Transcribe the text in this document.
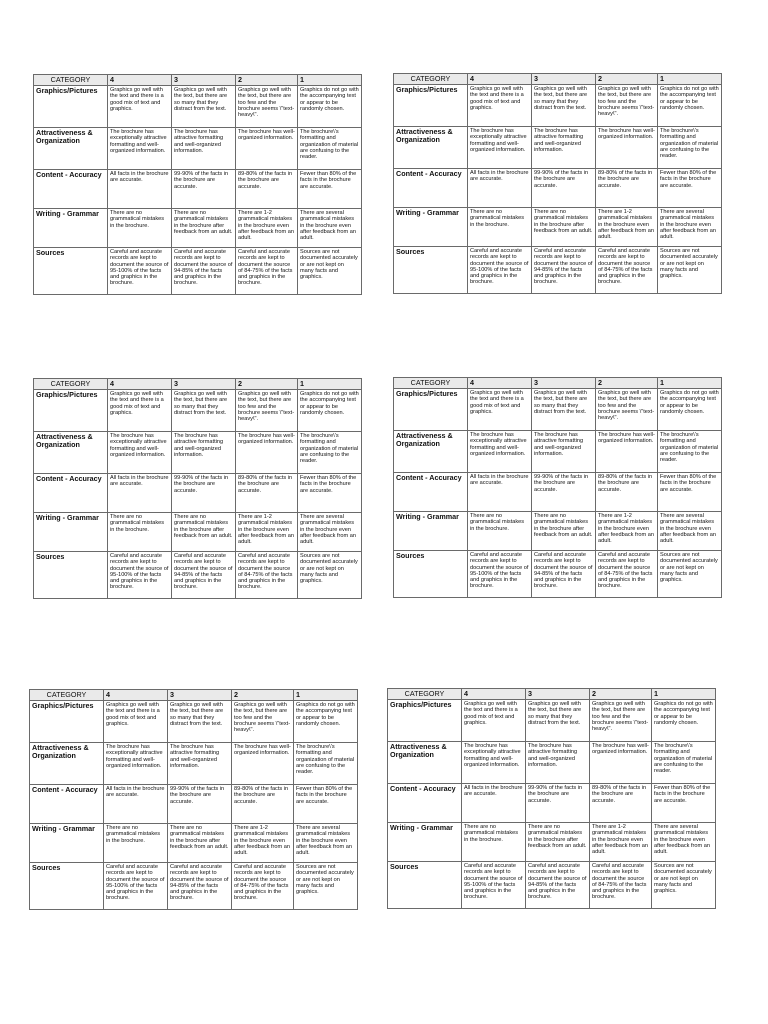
CATEGORY	4	3	2	1
Graphics/Pictures	Graphics go well with the text and there is a good mix of text and graphics.	Graphics go well with the text, but there are so many that they distract from the text.	Graphics go well with the text, but there are too few and the brochure seems \"text-heavy\".	Graphics do not go with the accompanying text or appear to be randomly chosen.
Attractiveness & Organization	The brochure has exceptionally attractive formatting and well-organized information.	The brochure has attractive formatting and well-organized information.	The brochure has well-organized information.	The brochure\'s formatting and organization of material are confusing to the reader.
Content - Accuracy	All facts in the brochure are accurate.	99-90% of the facts in the brochure are accurate.	89-80% of the facts in the brochure are accurate.	Fewer than 80% of the facts in the brochure are accurate.
Writing - Grammar	There are no grammatical mistakes in the brochure.	There are no grammatical mistakes in the brochure after feedback from an adult.	There are 1-2 grammatical mistakes in the brochure even after feedback from an adult.	There are several grammatical mistakes in the brochure even after feedback from an adult.
Sources	Careful and accurate records are kept to document the source of 95-100% of the facts and graphics in the brochure.	Careful and accurate records are kept to document the source of 94-85% of the facts and graphics in the brochure.	Careful and accurate records are kept to document the source of 84-75% of the facts and graphics in the brochure.	Sources are not documented accurately or are not kept on many facts and graphics.
CATEGORY	4	3	2	1
Graphics/Pictures	Graphics go well with the text and there is a good mix of text and graphics.	Graphics go well with the text, but there are so many that they distract from the text.	Graphics go well with the text, but there are too few and the brochure seems \"text-heavy\".	Graphics do not go with the accompanying text or appear to be randomly chosen.
Attractiveness & Organization	The brochure has exceptionally attractive formatting and well-organized information.	The brochure has attractive formatting and well-organized information.	The brochure has well-organized information.	The brochure\'s formatting and organization of material are confusing to the reader.
Content - Accuracy	All facts in the brochure are accurate.	99-90% of the facts in the brochure are accurate.	89-80% of the facts in the brochure are accurate.	Fewer than 80% of the facts in the brochure are accurate.
Writing - Grammar	There are no grammatical mistakes in the brochure.	There are no grammatical mistakes in the brochure after feedback from an adult.	There are 1-2 grammatical mistakes in the brochure even after feedback from an adult.	There are several grammatical mistakes in the brochure even after feedback from an adult.
Sources	Careful and accurate records are kept to document the source of 95-100% of the facts and graphics in the brochure.	Careful and accurate records are kept to document the source of 94-85% of the facts and graphics in the brochure.	Careful and accurate records are kept to document the source of 84-75% of the facts and graphics in the brochure.	Sources are not documented accurately or are not kept on many facts and graphics.
CATEGORY	4	3	2	1
Graphics/Pictures	Graphics go well with the text and there is a good mix of text and graphics.	Graphics go well with the text, but there are so many that they distract from the text.	Graphics go well with the text, but there are too few and the brochure seems \"text-heavy\".	Graphics do not go with the accompanying text or appear to be randomly chosen.
Attractiveness & Organization	The brochure has exceptionally attractive formatting and well-organized information.	The brochure has attractive formatting and well-organized information.	The brochure has well-organized information.	The brochure\'s formatting and organization of material are confusing to the reader.
Content - Accuracy	All facts in the brochure are accurate.	99-90% of the facts in the brochure are accurate.	89-80% of the facts in the brochure are accurate.	Fewer than 80% of the facts in the brochure are accurate.
Writing - Grammar	There are no grammatical mistakes in the brochure.	There are no grammatical mistakes in the brochure after feedback from an adult.	There are 1-2 grammatical mistakes in the brochure even after feedback from an adult.	There are several grammatical mistakes in the brochure even after feedback from an adult.
Sources	Careful and accurate records are kept to document the source of 95-100% of the facts and graphics in the brochure.	Careful and accurate records are kept to document the source of 94-85% of the facts and graphics in the brochure.	Careful and accurate records are kept to document the source of 84-75% of the facts and graphics in the brochure.	Sources are not documented accurately or are not kept on many facts and graphics.
CATEGORY	4	3	2	1
Graphics/Pictures	Graphics go well with the text and there is a good mix of text and graphics.	Graphics go well with the text, but there are so many that they distract from the text.	Graphics go well with the text, but there are too few and the brochure seems \"text-heavy\".	Graphics do not go with the accompanying text or appear to be randomly chosen.
Attractiveness & Organization	The brochure has exceptionally attractive formatting and well-organized information.	The brochure has attractive formatting and well-organized information.	The brochure has well-organized information.	The brochure\'s formatting and organization of material are confusing to the reader.
Content - Accuracy	All facts in the brochure are accurate.	99-90% of the facts in the brochure are accurate.	89-80% of the facts in the brochure are accurate.	Fewer than 80% of the facts in the brochure are accurate.
Writing - Grammar	There are no grammatical mistakes in the brochure.	There are no grammatical mistakes in the brochure after feedback from an adult.	There are 1-2 grammatical mistakes in the brochure even after feedback from an adult.	There are several grammatical mistakes in the brochure even after feedback from an adult.
Sources	Careful and accurate records are kept to document the source of 95-100% of the facts and graphics in the brochure.	Careful and accurate records are kept to document the source of 94-85% of the facts and graphics in the brochure.	Careful and accurate records are kept to document the source of 84-75% of the facts and graphics in the brochure.	Sources are not documented accurately or are not kept on many facts and graphics.
CATEGORY	4	3	2	1
Graphics/Pictures	Graphics go well with the text and there is a good mix of text and graphics.	Graphics go well with the text, but there are so many that they distract from the text.	Graphics go well with the text, but there are too few and the brochure seems \"text-heavy\".	Graphics do not go with the accompanying text or appear to be randomly chosen.
Attractiveness & Organization	The brochure has exceptionally attractive formatting and well-organized information.	The brochure has attractive formatting and well-organized information.	The brochure has well-organized information.	The brochure\'s formatting and organization of material are confusing to the reader.
Content - Accuracy	All facts in the brochure are accurate.	99-90% of the facts in the brochure are accurate.	89-80% of the facts in the brochure are accurate.	Fewer than 80% of the facts in the brochure are accurate.
Writing - Grammar	There are no grammatical mistakes in the brochure.	There are no grammatical mistakes in the brochure after feedback from an adult.	There are 1-2 grammatical mistakes in the brochure even after feedback from an adult.	There are several grammatical mistakes in the brochure even after feedback from an adult.
Sources	Careful and accurate records are kept to document the source of 95-100% of the facts and graphics in the brochure.	Careful and accurate records are kept to document the source of 94-85% of the facts and graphics in the brochure.	Careful and accurate records are kept to document the source of 84-75% of the facts and graphics in the brochure.	Sources are not documented accurately or are not kept on many facts and graphics.
CATEGORY	4	3	2	1
Graphics/Pictures	Graphics go well with the text and there is a good mix of text and graphics.	Graphics go well with the text, but there are so many that they distract from the text.	Graphics go well with the text, but there are too few and the brochure seems \"text-heavy\".	Graphics do not go with the accompanying text or appear to be randomly chosen.
Attractiveness & Organization	The brochure has exceptionally attractive formatting and well-organized information.	The brochure has attractive formatting and well-organized information.	The brochure has well-organized information.	The brochure\'s formatting and organization of material are confusing to the reader.
Content - Accuracy	All facts in the brochure are accurate.	99-90% of the facts in the brochure are accurate.	89-80% of the facts in the brochure are accurate.	Fewer than 80% of the facts in the brochure are accurate.
Writing - Grammar	There are no grammatical mistakes in the brochure.	There are no grammatical mistakes in the brochure after feedback from an adult.	There are 1-2 grammatical mistakes in the brochure even after feedback from an adult.	There are several grammatical mistakes in the brochure even after feedback from an adult.
Sources	Careful and accurate records are kept to document the source of 95-100% of the facts and graphics in the brochure.	Careful and accurate records are kept to document the source of 94-85% of the facts and graphics in the brochure.	Careful and accurate records are kept to document the source of 84-75% of the facts and graphics in the brochure.	Sources are not documented accurately or are not kept on many facts and graphics.
